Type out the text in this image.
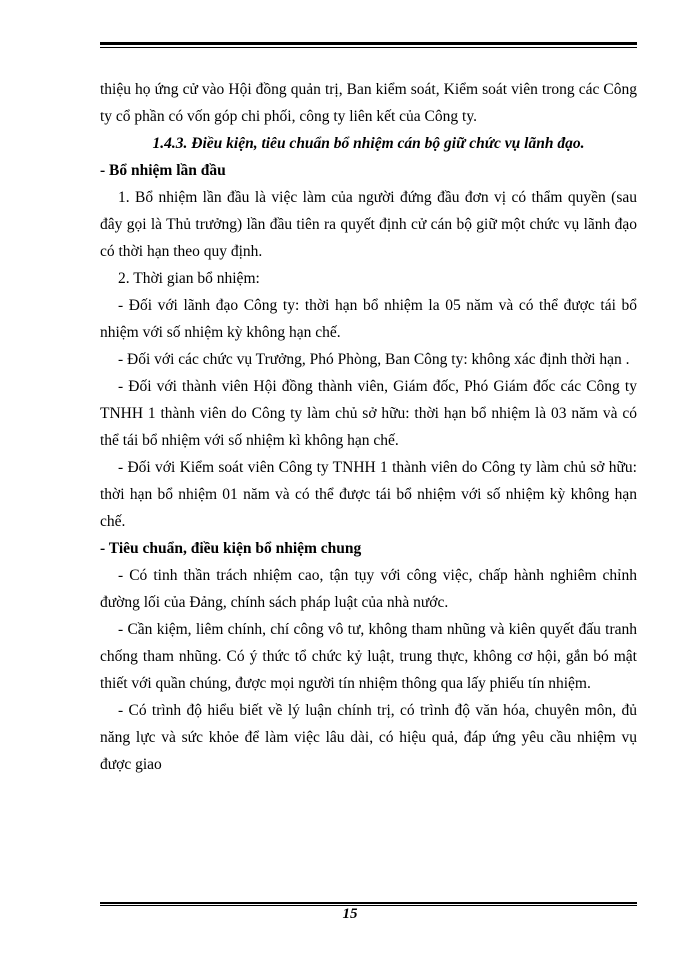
thiệu họ ứng cử vào Hội đồng quản trị, Ban kiểm soát, Kiểm soát viên trong các Công ty cổ phần có vốn góp chi phối, công ty liên kết của Công ty.

1.4.3. Điều kiện, tiêu chuẩn bổ nhiệm cán bộ giữ chức vụ lãnh đạo.

- Bổ nhiệm lần đầu

1. Bổ nhiệm lần đầu là việc làm của người đứng đầu đơn vị có thẩm quyền (sau đây gọi là Thủ trưởng) lần đầu tiên ra quyết định cử cán bộ giữ một chức vụ lãnh đạo có thời hạn theo quy định.

2. Thời gian bổ nhiệm:

- Đối với lãnh đạo Công ty: thời hạn bổ nhiệm la 05 năm và có thể được tái bổ nhiệm với số nhiệm kỳ không hạn chế.

- Đối với các chức vụ Trưởng, Phó Phòng, Ban Công ty: không xác định thời hạn .

- Đối với thành viên Hội đồng thành viên, Giám đốc, Phó Giám đốc các Công ty TNHH 1 thành viên do Công ty làm chủ sở hữu: thời hạn bổ nhiệm là 03 năm và có thể tái bổ nhiệm với số nhiệm kì không hạn chế.

- Đối với Kiểm soát viên Công ty TNHH 1 thành viên do Công ty làm chủ sở hữu: thời hạn bổ nhiệm 01 năm và có thể được tái bổ nhiệm với số nhiệm kỳ không hạn chế.

- Tiêu chuẩn, điều kiện bổ nhiệm chung

- Có tinh thần trách nhiệm cao, tận tụy với công việc, chấp hành nghiêm chỉnh đường lối của Đảng, chính sách pháp luật của nhà nước.

- Cần kiệm, liêm chính, chí công vô tư, không tham nhũng và kiên quyết đấu tranh chống tham nhũng. Có ý thức tổ chức kỷ luật, trung thực, không cơ hội, gắn bó mật thiết với quần chúng, được mọi người tín nhiệm thông qua lấy phiếu tín nhiệm.

- Có trình độ hiểu biết về lý luận chính trị, có trình độ văn hóa, chuyên môn, đủ năng lực và sức khỏe để làm việc lâu dài, có hiệu quả, đáp ứng yêu cầu nhiệm vụ được giao

15
